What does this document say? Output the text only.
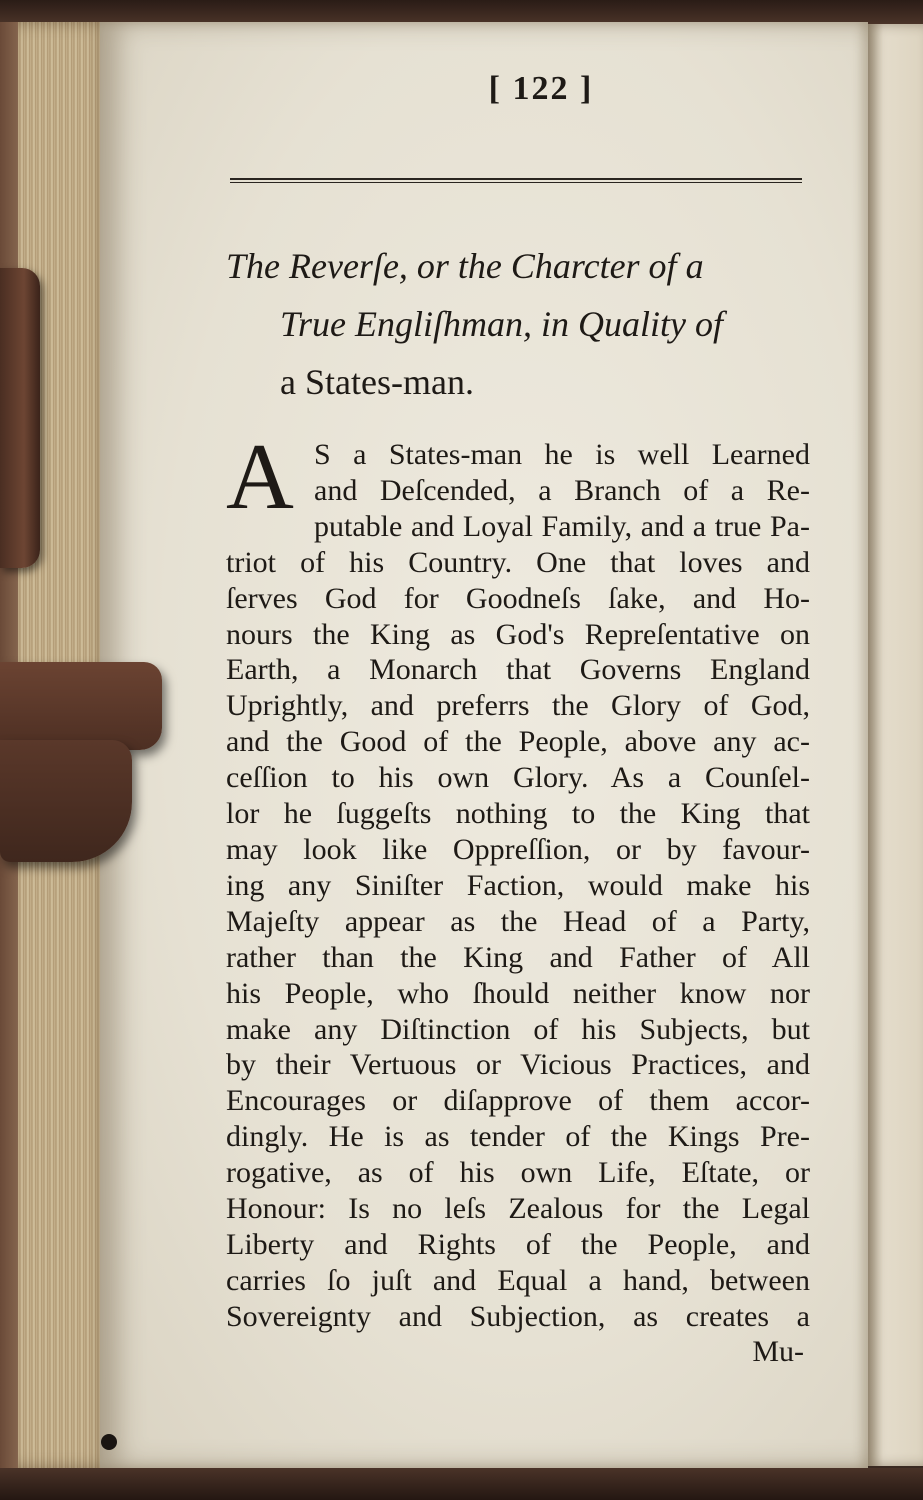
[ 122 ]
The Reverſe, or the Charcter of a
True Engliſhman, in Quality of
a States-man.
A S a States-man he is well Learned
and Deſcended, a Branch of a Re-
putable and Loyal Family, and a true Pa-
triot of his Country. One that loves and
ſerves God for Goodneſs ſake, and Ho-
nours the King as God's Repreſentative on
Earth, a Monarch that Governs England
Uprightly, and preferrs the Glory of God,
and the Good of the People, above any ac-
ceſſion to his own Glory. As a Counſel-
lor he ſuggeſts nothing to the King that
may look like Oppreſſion, or by favour-
ing any Siniſter Faction, would make his
Majeſty appear as the Head of a Party,
rather than the King and Father of All
his People, who ſhould neither know nor
make any Diſtinction of his Subjects, but
by their Vertuous or Vicious Practices, and
Encourages or diſapprove of them accor-
dingly. He is as tender of the Kings Pre-
rogative, as of his own Life, Eſtate, or
Honour: Is no leſs Zealous for the Legal
Liberty and Rights of the People, and
carries ſo juſt and Equal a hand, between
Sovereignty and Subjection, as creates a
Mu-
